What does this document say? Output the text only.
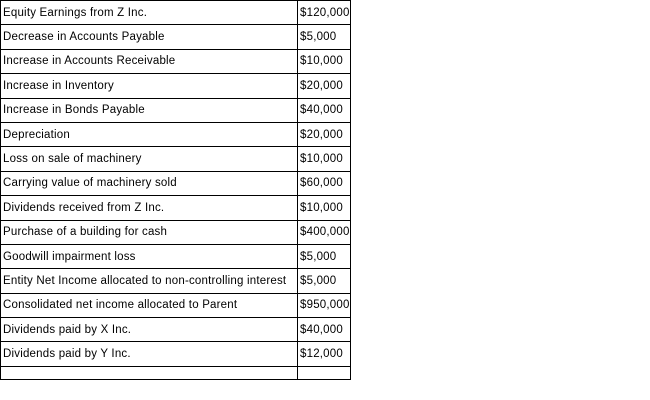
Equity Earnings from Z Inc.	$120,000
Decrease in Accounts Payable	$5,000
Increase in Accounts Receivable	$10,000
Increase in Inventory	$20,000
Increase in Bonds Payable	$40,000
Depreciation	$20,000
Loss on sale of machinery	$10,000
Carrying value of machinery sold	$60,000
Dividends received from Z Inc.	$10,000
Purchase of a building for cash	$400,000
Goodwill impairment loss	$5,000
Entity Net Income allocated to non-controlling interest	$5,000
Consolidated net income allocated to Parent	$950,000
Dividends paid by X Inc.	$40,000
Dividends paid by Y Inc.	$12,000
